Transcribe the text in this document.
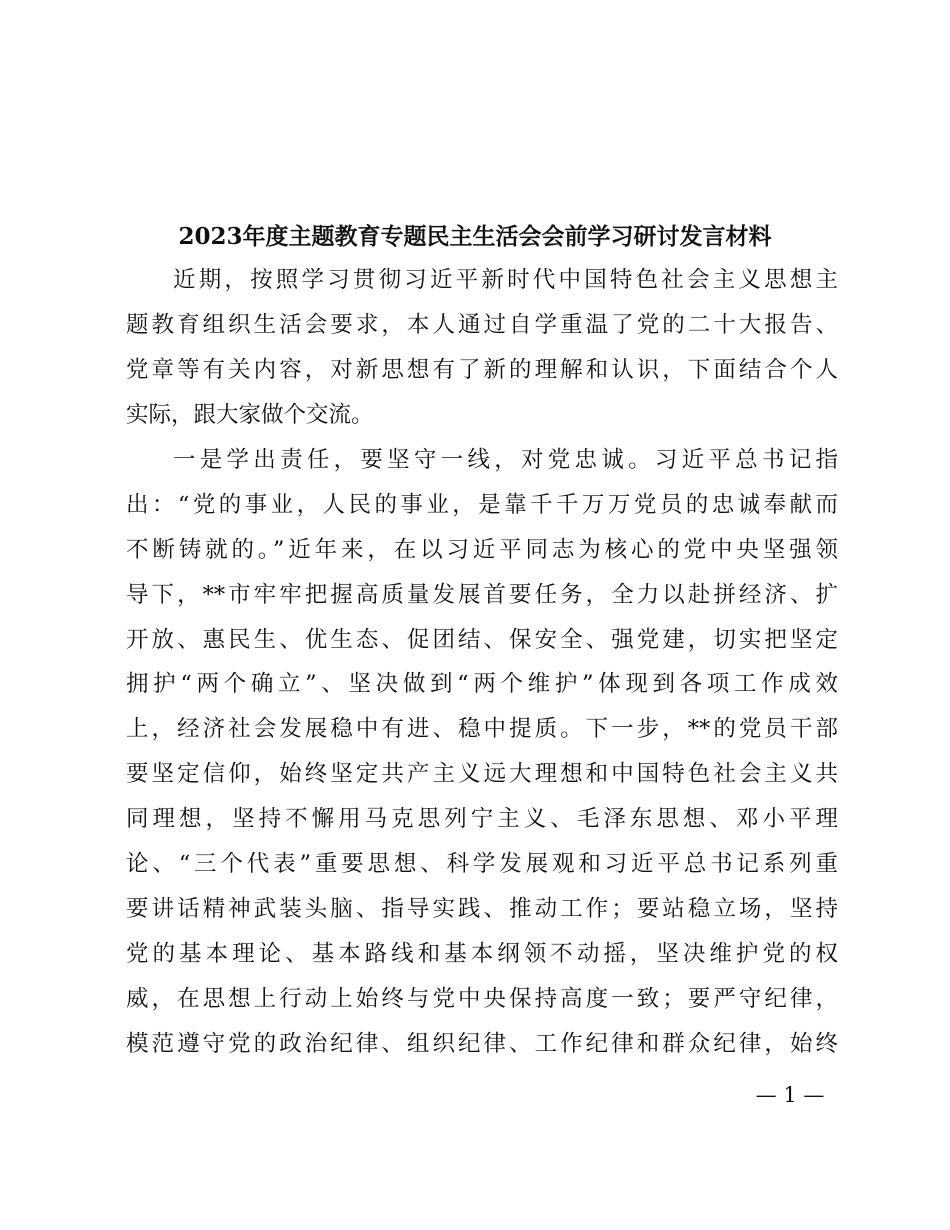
2023年度主题教育专题民主生活会会前学习研讨发言材料
近期，按照学习贯彻习近平新时代中国特色社会主义思想主
题教育组织生活会要求，本人通过自学重温了党的二十大报告、
党章等有关内容，对新思想有了新的理解和认识，下面结合个人
实际，跟大家做个交流。
一是学出责任，要坚守一线，对党忠诚。习近平总书记指
出：“党的事业，人民的事业，是靠千千万万党员的忠诚奉献而
不断铸就的。”近年来，在以习近平同志为核心的党中央坚强领
导下，**市牢牢把握高质量发展首要任务，全力以赴拼经济、扩
开放、惠民生、优生态、促团结、保安全、强党建，切实把坚定
拥护“两个确立”、坚决做到“两个维护”体现到各项工作成效
上，经济社会发展稳中有进、稳中提质。下一步，**的党员干部
要坚定信仰，始终坚定共产主义远大理想和中国特色社会主义共
同理想，坚持不懈用马克思列宁主义、毛泽东思想、邓小平理
论、“三个代表”重要思想、科学发展观和习近平总书记系列重
要讲话精神武装头脑、指导实践、推动工作；要站稳立场，坚持
党的基本理论、基本路线和基本纲领不动摇，坚决维护党的权
威，在思想上行动上始终与党中央保持高度一致；要严守纪律，
模范遵守党的政治纪律、组织纪律、工作纪律和群众纪律，始终
— 1 —
